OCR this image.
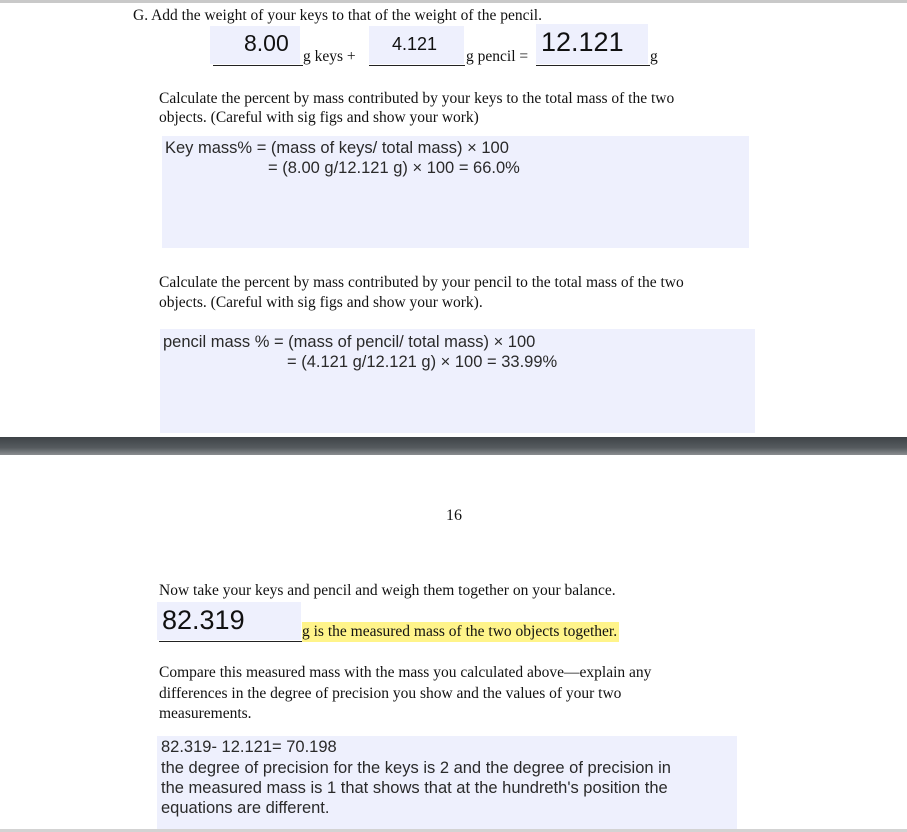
G. Add the weight of your keys to that of the weight of the pencil.
8.00
g keys +
4.121
g pencil = 12.121 g
Calculate the percent by mass contributed by your keys to the total mass of the two
objects. (Careful with sig figs and show your work)
Key mass% = (mass of keys/ total mass) × 100
= (8.00 g/12.121 g) × 100 = 66.0%
Calculate the percent by mass contributed by your pencil to the total mass of the two
objects. (Careful with sig figs and show your work).
pencil mass % = (mass of pencil/ total mass) × 100
= (4.121 g/12.121 g) × 100 = 33.99%
16
Now take your keys and pencil and weigh them together on your balance.
82.319	g is the measured mass of the two objects together.
Compare this measured mass with the mass you calculated above—explain any
differences in the degree of precision you show and the values of your two
measurements.
82.319- 12.121= 70.198
the degree of precision for the keys is 2 and the degree of precision in
the measured mass is 1 that shows that at the hundreth's position the
equations are different.
